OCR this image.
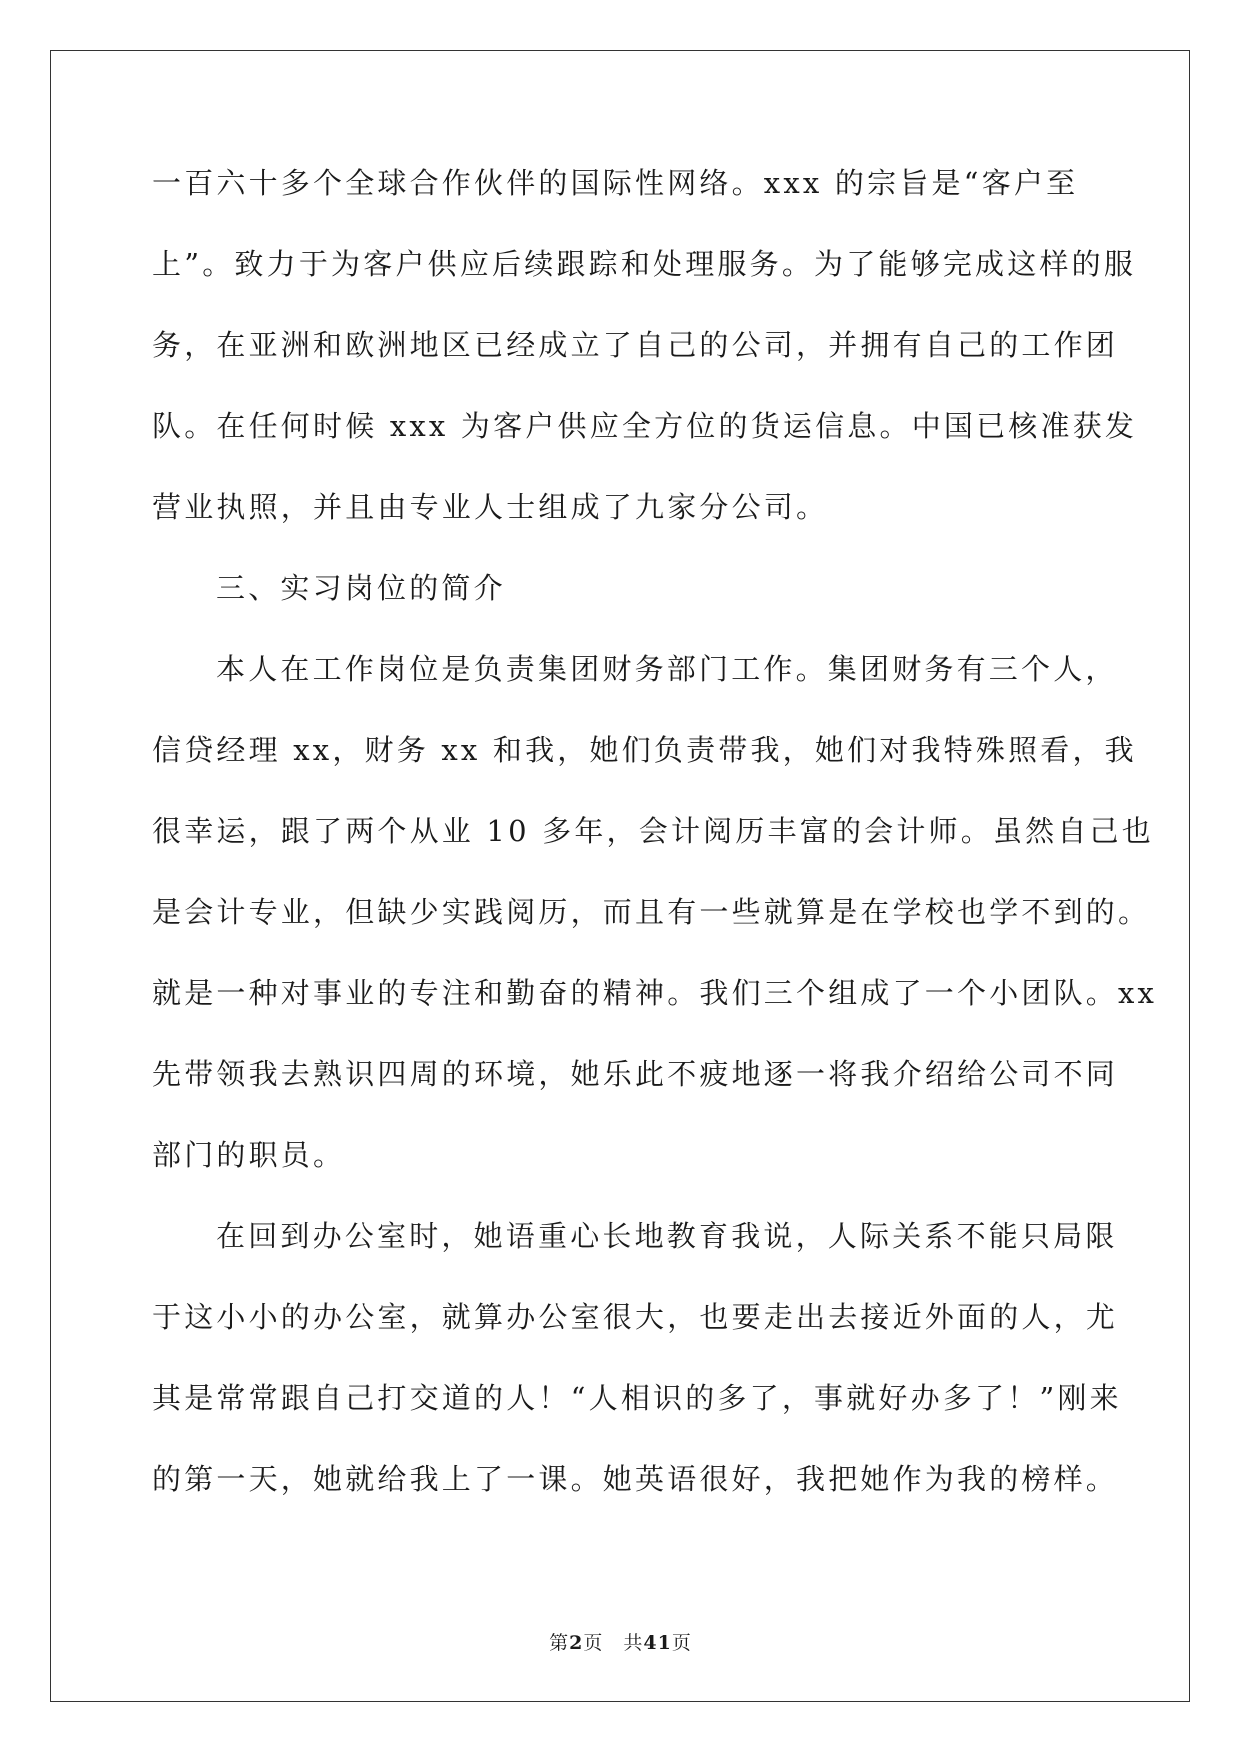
一百六十多个全球合作伙伴的国际性网络。xxx 的宗旨是“客户至
上”。致力于为客户供应后续跟踪和处理服务。为了能够完成这样的服
务，在亚洲和欧洲地区已经成立了自己的公司，并拥有自己的工作团
队。在任何时候 xxx 为客户供应全方位的货运信息。中国已核准获发
营业执照，并且由专业人士组成了九家分公司。
三、实习岗位的简介
本人在工作岗位是负责集团财务部门工作。集团财务有三个人，
信贷经理 xx，财务 xx 和我，她们负责带我，她们对我特殊照看，我
很幸运，跟了两个从业 10 多年，会计阅历丰富的会计师。虽然自己也
是会计专业，但缺少实践阅历，而且有一些就算是在学校也学不到的。
就是一种对事业的专注和勤奋的精神。我们三个组成了一个小团队。xx
先带领我去熟识四周的环境，她乐此不疲地逐一将我介绍给公司不同
部门的职员。
在回到办公室时，她语重心长地教育我说，人际关系不能只局限
于这小小的办公室，就算办公室很大，也要走出去接近外面的人，尤
其是常常跟自己打交道的人！“人相识的多了，事就好办多了！”刚来
的第一天，她就给我上了一课。她英语很好，我把她作为我的榜样。
第2页 共41页
